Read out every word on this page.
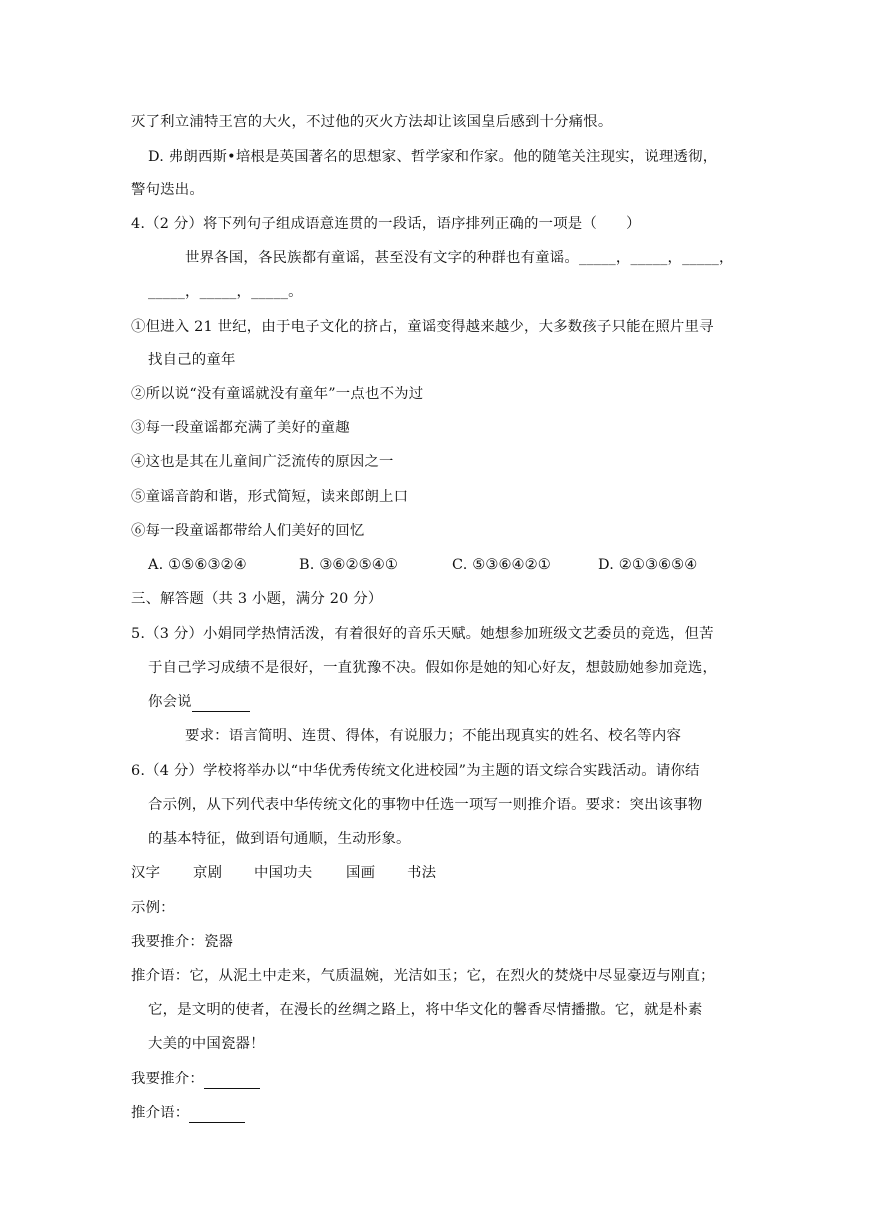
灭了利立浦特王宫的大火，不过他的灭火方法却让该国皇后感到十分痛恨。
D. 弗朗西斯•培根是英国著名的思想家、哲学家和作家。他的随笔关注现实，说理透彻，
警句迭出。
4.（2 分）将下列句子组成语意连贯的一段话，语序排列正确的一项是（　　）
世界各国，各民族都有童谣，甚至没有文字的种群也有童谣。_____，_____，_____，
_____，_____，_____。
①但进入 21 世纪，由于电子文化的挤占，童谣变得越来越少，大多数孩子只能在照片里寻
找自己的童年
②所以说“没有童谣就没有童年”一点也不为过
③每一段童谣都充满了美好的童趣
④这也是其在儿童间广泛流传的原因之一
⑤童谣音韵和谐，形式简短，读来郎朗上口
⑥每一段童谣都带给人们美好的回忆
A. ①⑤⑥③②④	B. ③⑥②⑤④①	C. ⑤③⑥④②①	D. ②①③⑥⑤④
三、解答题（共 3 小题，满分 20 分）
5.（3 分）小娟同学热情活泼，有着很好的音乐天赋。她想参加班级文艺委员的竞选，但苦
于自己学习成绩不是很好，一直犹豫不决。假如你是她的知心好友，想鼓励她参加竞选，
你会说
要求：语言简明、连贯、得体，有说服力；不能出现真实的姓名、校名等内容
6.（4 分）学校将举办以“中华优秀传统文化进校园”为主题的语文综合实践活动。请你结
合示例，从下列代表中华传统文化的事物中任选一项写一则推介语。要求：突出该事物
的基本特征，做到语句通顺，生动形象。
汉字 京剧 中国功夫 国画 书法
示例：
我要推介：瓷器
推介语：它，从泥土中走来，气质温婉，光洁如玉；它，在烈火的焚烧中尽显豪迈与刚直；
它，是文明的使者，在漫长的丝绸之路上，将中华文化的馨香尽情播撒。它，就是朴素
大美的中国瓷器！
我要推介：
推介语：
